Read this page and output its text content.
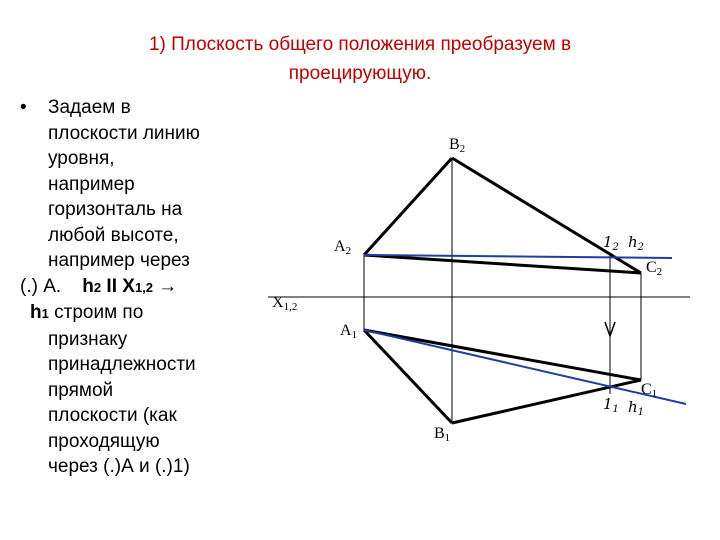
1) Плоскость общего положения преобразуем в
проецирующую.
• Задаем в
плоскости линию
уровня,
например
горизонталь на
любой высоте,
например через
(.) А. h2 II X1,2 →
h1 строим по
признаку
принадлежности
прямой
плоскости (как
проходящую
через (.)А и (.)1)
B2
A2
C2
X1,2
A1
C1
B1
$1_2$ $h_2$
$1_1$ $h_1$
